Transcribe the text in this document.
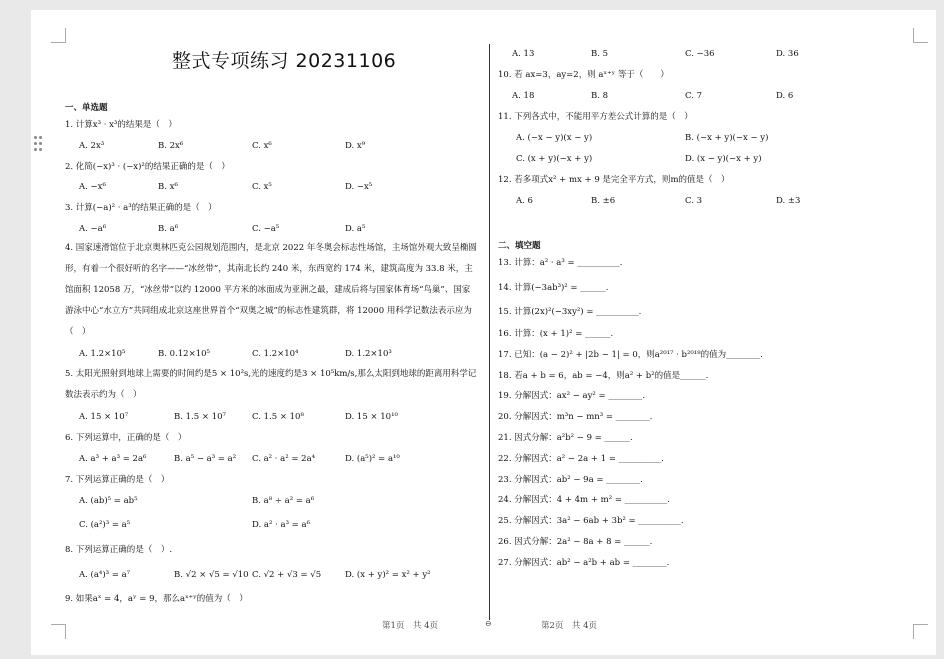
整式专项练习 20231106
一、单选题
1. 计算x³ · x³的结果是（　）
A. 2x³	B. 2x⁶	C. x⁶	D. x⁹
2. 化简(−x)³ · (−x)²的结果正确的是（　）
A. −x⁶	B. x⁶	C. x⁵	D. −x⁵
3. 计算(−a)² · a³的结果正确的是（　）
A. −a⁶	B. a⁶	C. −a⁵	D. a⁵
4. 国家速滑馆位于北京奥林匹克公园规划范围内，是北京 2022 年冬奥会标志性场馆，主场馆外观大致呈椭圆形，有着一个很好听的名字——“冰丝带”，其南北长约 240 米，东西宽约 174 米，建筑高度为 33.8 米，主馆面积 12058 万，“冰丝带”以约 12000 平方米的冰面成为亚洲之最，建成后将与国家体育场“鸟巢”、国家游泳中心“水立方”共同组成北京这座世界首个“双奥之城”的标志性建筑群，将 12000 用科学记数法表示应为（　）
A. 1.2×10⁵	B. 0.12×10⁵	C. 1.2×10⁴	D. 1.2×10³
5. 太阳光照射到地球上需要的时间约是5 × 10²s,光的速度约是3 × 10⁵km/s,那么太阳到地球的距离用科学记数法表示约为（　）
A. 15 × 10⁷	B. 1.5 × 10⁷	C. 1.5 × 10⁸	D. 15 × 10¹⁰
6. 下列运算中，正确的是（　）
A. a³ + a³ = 2a⁶	B. a⁵ − a³ = a² C. a² · a² = 2a⁴	D. (a⁵)² = a¹⁰
7. 下列运算正确的是（　）
A. (ab)⁵ = ab⁵	B. a⁸ ÷ a² = a⁶
C. (a²)³ = a⁵	D. a² · a³ = a⁶
8. 下列运算正确的是（　）.
A. (a⁴)³ = a⁷	B. √2 × √5 = √10 C. √2 + √3 = √5	D. (x + y)² = x² + y²
9. 如果aˣ = 4，aʸ = 9，那么aˣ⁺ʸ的值为（　）
A. 13	B. 5	C. −36	D. 36
10. 若 ax=3，ay=2，则 aˣ⁺ʸ 等于（　　）
A. 18	B. 8	C. 7	D. 6
11. 下列各式中，不能用平方差公式计算的是（　）
A. (−x − y)(x − y)	B. (−x + y)(−x − y)
C. (x + y)(−x + y)	D. (x − y)(−x + y)
12. 若多项式x² + mx + 9 是完全平方式，则m的值是（　）
A. 6	B. ±6	C. 3	D. ±3
二、填空题
13. 计算：a² · a³ = __________.
14. 计算(−3ab³)² = ______.
15. 计算(2x)²(−3xy²) = __________.
16. 计算：(x + 1)² = ______.
17. 已知：(a − 2)² + |2b − 1| = 0，则a²⁰¹⁷ · b²⁰¹⁸的值为________.
18. 若a + b = 6，ab = −4，则a² + b²的值是______.
19. 分解因式：ax² − ay² = ________.
20. 分解因式：m³n − mn³ = ________.
21. 因式分解：a²b² − 9 = ______.
22. 分解因式：a² − 2a + 1 = __________.
23. 分解因式：ab² − 9a = ________.
24. 分解因式：4 + 4m + m² = __________.
25. 分解因式：3a² − 6ab + 3b² = __________.
26. 因式分解：2a² − 8a + 8 = ______.
27. 分解因式：ab² − a²b + ab = ________.
第1页　共 4页	⊖	第2页　共 4页
